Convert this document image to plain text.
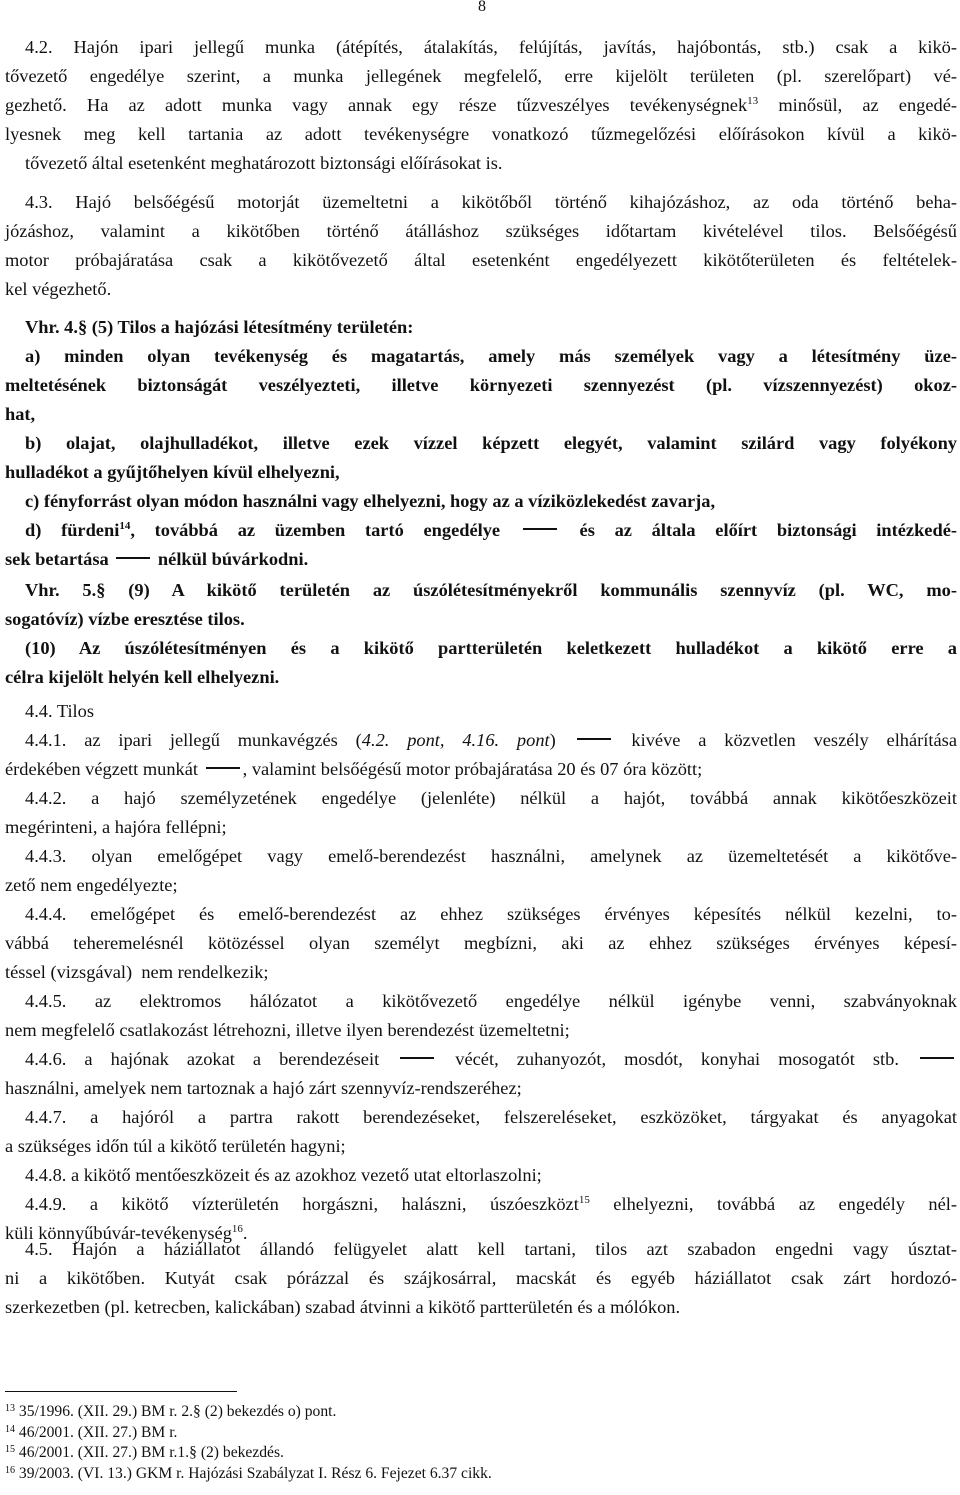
8

4.2. Hajón ipari jellegű munka (átépítés, átalakítás, felújítás, javítás, hajóbontás, stb.) csak a kikö-

tővezető engedélye szerint, a munka jellegének megfelelő, erre kijelölt területen (pl. szerelőpart) vé-

gezhető. Ha az adott munka vagy annak egy része tűzveszélyes tevékenységnek$^{13}$ minősül, az engedé-

lyesnek meg kell tartania az adott tevékenységre vonatkozó tűzmegelőzési előírásokon kívül a kikö-

tővezető által esetenként meghatározott biztonsági előírásokat is.

4.3. Hajó belsőégésű motorját üzemeltetni a kikötőből történő kihajózáshoz, az oda történő beha-

józáshoz, valamint a kikötőben történő átálláshoz szükséges időtartam kivételével tilos. Belsőégésű

motor próbajáratása csak a kikötővezető által esetenként engedélyezett kikötőterületen és feltételek-

kel végezhető.

Vhr. 4.§ (5) Tilos a hajózási létesítmény területén:

a) minden olyan tevékenység és magatartás, amely más személyek vagy a létesítmény üze-

meltetésének biztonságát veszélyezteti, illetve környezeti szennyezést (pl. vízszennyezést) okoz-

hat,

b) olajat, olajhulladékot, illetve ezek vízzel képzett elegyét, valamint szilárd vagy folyékony

hulladékot a gyűjtőhelyen kívül elhelyezni,

c) fényforrást olyan módon használni vagy elhelyezni, hogy az a víziközlekedést zavarja,

d) fürdeni$^{14}$, továbbá az üzemben tartó engedélye	és az általa előírt biztonsági intézkedé-

sek betartása	nélkül búvárkodni.

Vhr. 5.§ (9) A kikötő területén az úszólétesítményekről kommunális szennyvíz (pl. WC, mo-

sogatóvíz) vízbe eresztése tilos.

(10) Az úszólétesítményen és a kikötő partterületén keletkezett hulladékot a kikötő erre a

célra kijelölt helyén kell elhelyezni.

4.4. Tilos

4.4.1. az ipari jellegű munkavégzés (4.2. pont, 4.16. pont)	kivéve a közvetlen veszély elhárítása

érdekében végzett munkát , valamint belsőégésű motor próbajáratása 20 és 07 óra között;

4.4.2. a hajó személyzetének engedélye (jelenléte) nélkül a hajót, továbbá annak kikötőeszközeit

megérinteni, a hajóra fellépni;

4.4.3. olyan emelőgépet vagy emelő-berendezést használni, amelynek az üzemeltetését a kikötőve-

zető nem engedélyezte;

4.4.4. emelőgépet és emelő-berendezést az ehhez szükséges érvényes képesítés nélkül kezelni, to-

vábbá teheremelésnél kötözéssel olyan személyt megbízni, aki az ehhez szükséges érvényes képesí-

téssel (vizsgával)  nem rendelkezik;

4.4.5. az elektromos hálózatot a kikötővezető engedélye nélkül igénybe venni, szabványoknak

nem megfelelő csatlakozást létrehozni, illetve ilyen berendezést üzemeltetni;

4.4.6. a hajónak azokat a berendezéseit	vécét, zuhanyozót, mosdót, konyhai mosogatót stb.

használni, amelyek nem tartoznak a hajó zárt szennyvíz-rendszeréhez;

4.4.7. a hajóról a partra rakott berendezéseket, felszereléseket, eszközöket, tárgyakat és anyagokat

a szükséges időn túl a kikötő területén hagyni;

4.4.8. a kikötő mentőeszközeit és az azokhoz vezető utat eltorlaszolni;

4.4.9. a kikötő vízterületén horgászni, halászni, úszóeszközt$^{15}$ elhelyezni, továbbá az engedély nél-

küli könnyűbúvár-tevékenység$^{16}$.

4.5. Hajón a háziállatot állandó felügyelet alatt kell tartani, tilos azt szabadon engedni vagy úsztat-

ni a kikötőben. Kutyát csak pórázzal és szájkosárral, macskát és egyéb háziállatot csak zárt hordozó-

szerkezetben (pl. ketrecben, kalickában) szabad átvinni a kikötő partterületén és a mólókon.

$^{13}$ 35/1996. (XII. 29.) BM r. 2.§ (2) bekezdés o) pont.

$^{14}$ 46/2001. (XII. 27.) BM r.

$^{15}$ 46/2001. (XII. 27.) BM r.1.§ (2) bekezdés.

$^{16}$ 39/2003. (VI. 13.) GKM r. Hajózási Szabályzat I. Rész 6. Fejezet 6.37 cikk.
